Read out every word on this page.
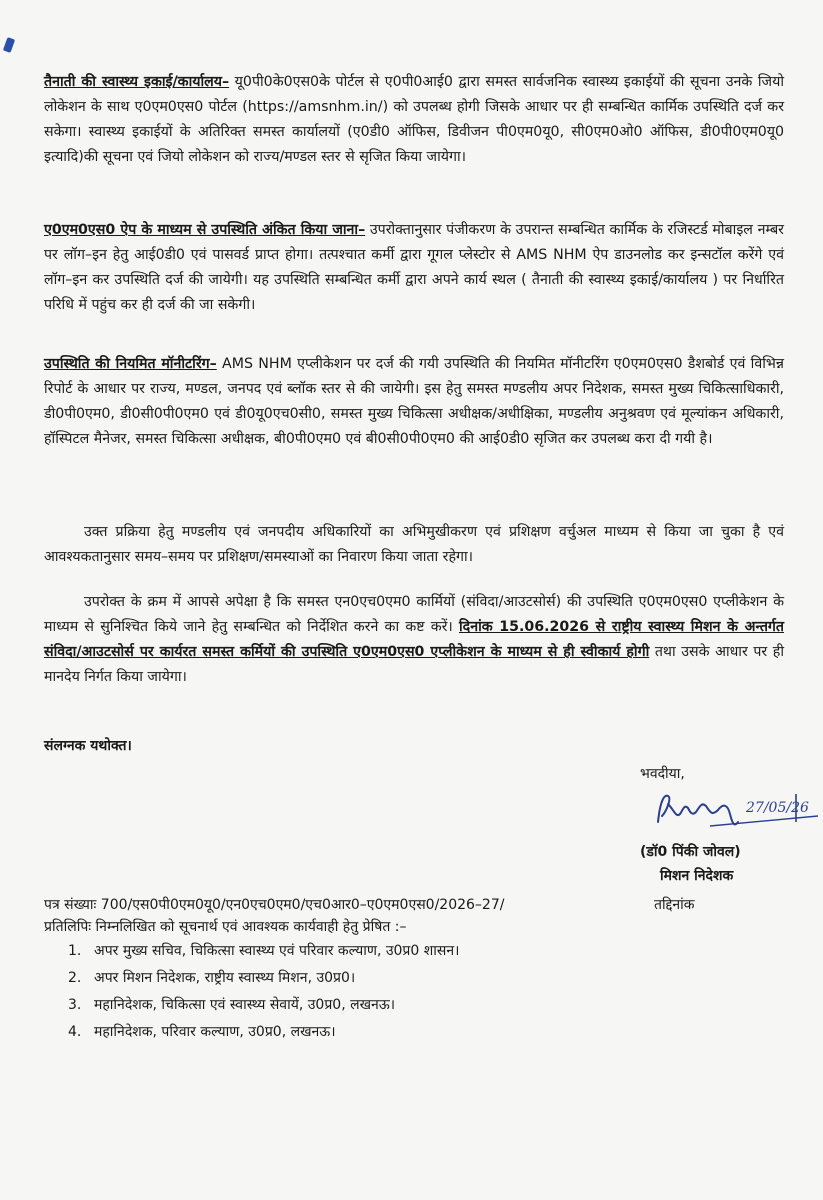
तैनाती की स्वास्थ्य इकाई/कार्यालय– यू0पी0के0एस0के पोर्टल से ए0पी0आई0 द्वारा समस्त सार्वजनिक स्वास्थ्य इकाईयों की सूचना उनके जियो लोकेशन के साथ ए0एम0एस0 पोर्टल (https://amsnhm.in/) को उपलब्ध होगी जिसके आधार पर ही सम्बन्धित कार्मिक उपस्थिति दर्ज कर सकेगा। स्वास्थ्य इकाईयों के अतिरिक्त समस्त कार्यालयों (ए0डी0 ऑफिस, डिवीजन पी0एम0यू0, सी0एम0ओ0 ऑफिस, डी0पी0एम0यू0 इत्यादि)की सूचना एवं जियो लोकेशन को राज्य/मण्डल स्तर से सृजित किया जायेगा।
ए0एम0एस0 ऐप के माध्यम से उपस्थिति अंकित किया जाना– उपरोक्तानुसार पंजीकरण के उपरान्त सम्बन्धित कार्मिक के रजिस्टर्ड मोबाइल नम्बर पर लॉग–इन हेतु आई0डी0 एवं पासवर्ड प्राप्त होगा। तत्पश्चात कर्मी द्वारा गूगल प्लेस्टोर से AMS NHM ऐप डाउनलोड कर इन्सटॉल करेंगे एवं लॉग–इन कर उपस्थिति दर्ज की जायेगी। यह उपस्थिति सम्बन्धित कर्मी द्वारा अपने कार्य स्थल ( तैनाती की स्वास्थ्य इकाई/कार्यालय ) पर निर्धारित परिधि में पहुंच कर ही दर्ज की जा सकेगी।
उपस्थिति की नियमित मॉनीटरिंग– AMS NHM एप्लीकेशन पर दर्ज की गयी उपस्थिति की नियमित मॉनीटरिंग ए0एम0एस0 डैशबोर्ड एवं विभिन्न रिपोर्ट के आधार पर राज्य, मण्डल, जनपद एवं ब्लॉक स्तर से की जायेगी। इस हेतु समस्त मण्डलीय अपर निदेशक, समस्त मुख्य चिकित्साधिकारी, डी0पी0एम0, डी0सी0पी0एम0 एवं डी0यू0एच0सी0, समस्त मुख्य चिकित्सा अधीक्षक/अधीक्षिका, मण्डलीय अनुश्रवण एवं मूल्यांकन अधिकारी, हॉस्पिटल मैनेजर, समस्त चिकित्सा अधीक्षक, बी0पी0एम0 एवं बी0सी0पी0एम0 की आई0डी0 सृजित कर उपलब्ध करा दी गयी है।
उक्त प्रक्रिया हेतु मण्डलीय एवं जनपदीय अधिकारियों का अभिमुखीकरण एवं प्रशिक्षण वर्चुअल माध्यम से किया जा चुका है एवं आवश्यकतानुसार समय–समय पर प्रशिक्षण/समस्याओं का निवारण किया जाता रहेगा।
उपरोक्त के क्रम में आपसे अपेक्षा है कि समस्त एन0एच0एम0 कार्मियों (संविदा/आउटसोर्स) की उपस्थिति ए0एम0एस0 एप्लीकेशन के माध्यम से सुनिश्चित किये जाने हेतु सम्बन्धित को निर्देशित करने का कष्ट करें। दिनांक 15.06.2026 से राष्ट्रीय स्वास्थ्य मिशन के अन्तर्गत संविदा/आउटसोर्स पर कार्यरत समस्त कर्मियों की उपस्थिति ए0एम0एस0 एप्लीकेशन के माध्यम से ही स्वीकार्य होगी तथा उसके आधार पर ही मानदेय निर्गत किया जायेगा।
संलग्नक यथोक्त।
भवदीया,
27/05/26
(डॉ0 पिंकी जोवल)
मिशन निदेशक
पत्र संख्याः 700/एस0पी0एम0यू0/एन0एच0एम0/एच0आर0–ए0एम0एस0/2026–27/	तद्दिनांक
प्रतिलिपिः निम्नलिखित को सूचनार्थ एवं आवश्यक कार्यवाही हेतु प्रेषित :–
1. अपर मुख्य सचिव, चिकित्सा स्वास्थ्य एवं परिवार कल्याण, उ0प्र0 शासन।
2. अपर मिशन निदेशक, राष्ट्रीय स्वास्थ्य मिशन, उ0प्र0।
3. महानिदेशक, चिकित्सा एवं स्वास्थ्य सेवायें, उ0प्र0, लखनऊ।
4. महानिदेशक, परिवार कल्याण, उ0प्र0, लखनऊ।
